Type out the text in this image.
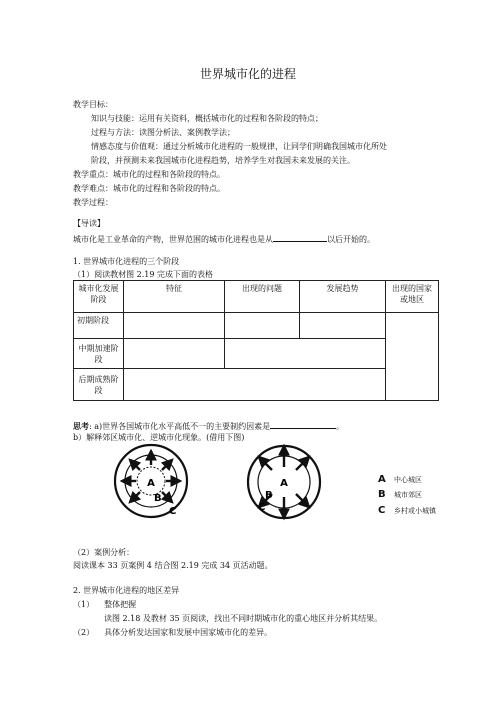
世界城市化的进程
教学目标：
知识与技能：运用有关资料，概括城市化的过程和各阶段的特点；
过程与方法：读图分析法、案例教学法；
情感态度与价值观：通过分析城市化进程的一般规律，让同学们明确我国城市化所处
阶段，并预测未来我国城市化进程趋势，培养学生对我国未来发展的关注。
教学重点：城市化的过程和各阶段的特点。
教学难点：城市化的过程和各阶段的特点。
教学过程：
【导读】
城市化是工业革命的产物，世界范围的城市化进程也是从	以后开始的。
1. 世界城市化进程的三个阶段
（1）阅读教材图 2.19 完成下面的表格
城市化发展阶段	特征	出现的问题	发展趋势	出现的国家或地区
初期阶段				
中期加速阶段				
后期成熟阶段				
思考: a)世界各国城市化水平高低不一的主要制约因素是	。
b）解释郊区城市化、逆城市化现象。(借用下图)
A
B
C
A
B
C
A 中心城区
B 城市郊区
C 乡村或小城镇
（2）案例分析：
阅读课本 33 页案例 4 结合图 2.19 完成 34 页活动题。
2. 世界城市化进程的地区差异
（1） 整体把握
读图 2.18 及教材 35 页阅读，找出不同时期城市化的重心地区并分析其结果。
（2） 具体分析发达国家和发展中国家城市化的差异。
